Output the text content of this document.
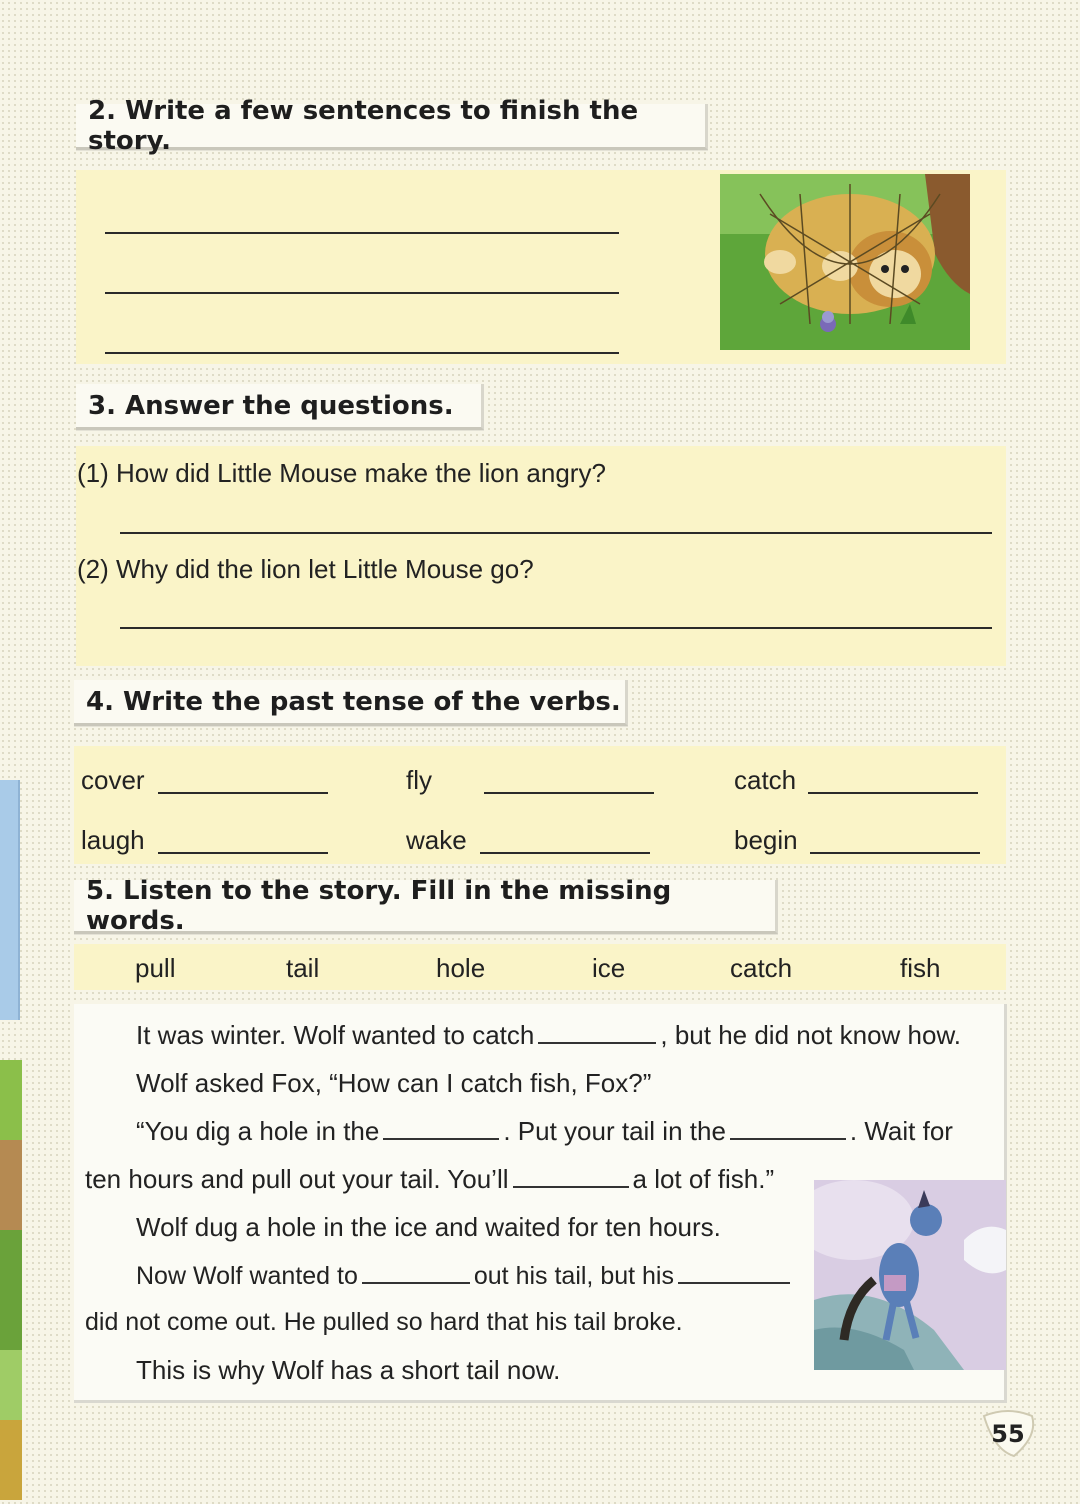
2. Write a few sentences to finish the story.
3. Answer the questions.
(1) How did Little Mouse make the lion angry?
(2) Why did the lion let Little Mouse go?
4. Write the past tense of the verbs.
cover	fly	catch
laugh	wake	begin
5. Listen to the story. Fill in the missing words.
pull	tail	hole	ice	catch	fish
It was winter. Wolf wanted to catch	, but he did not know how.
Wolf asked Fox, “How can I catch fish, Fox?”
“You dig a hole in the	. Put your tail in the	. Wait for
ten hours and pull out your tail. You’ll	a lot of fish.”
Wolf dug a hole in the ice and waited for ten hours.
Now Wolf wanted to	out his tail, but his
did not come out. He pulled so hard that his tail broke.
This is why Wolf has a short tail now.
55
